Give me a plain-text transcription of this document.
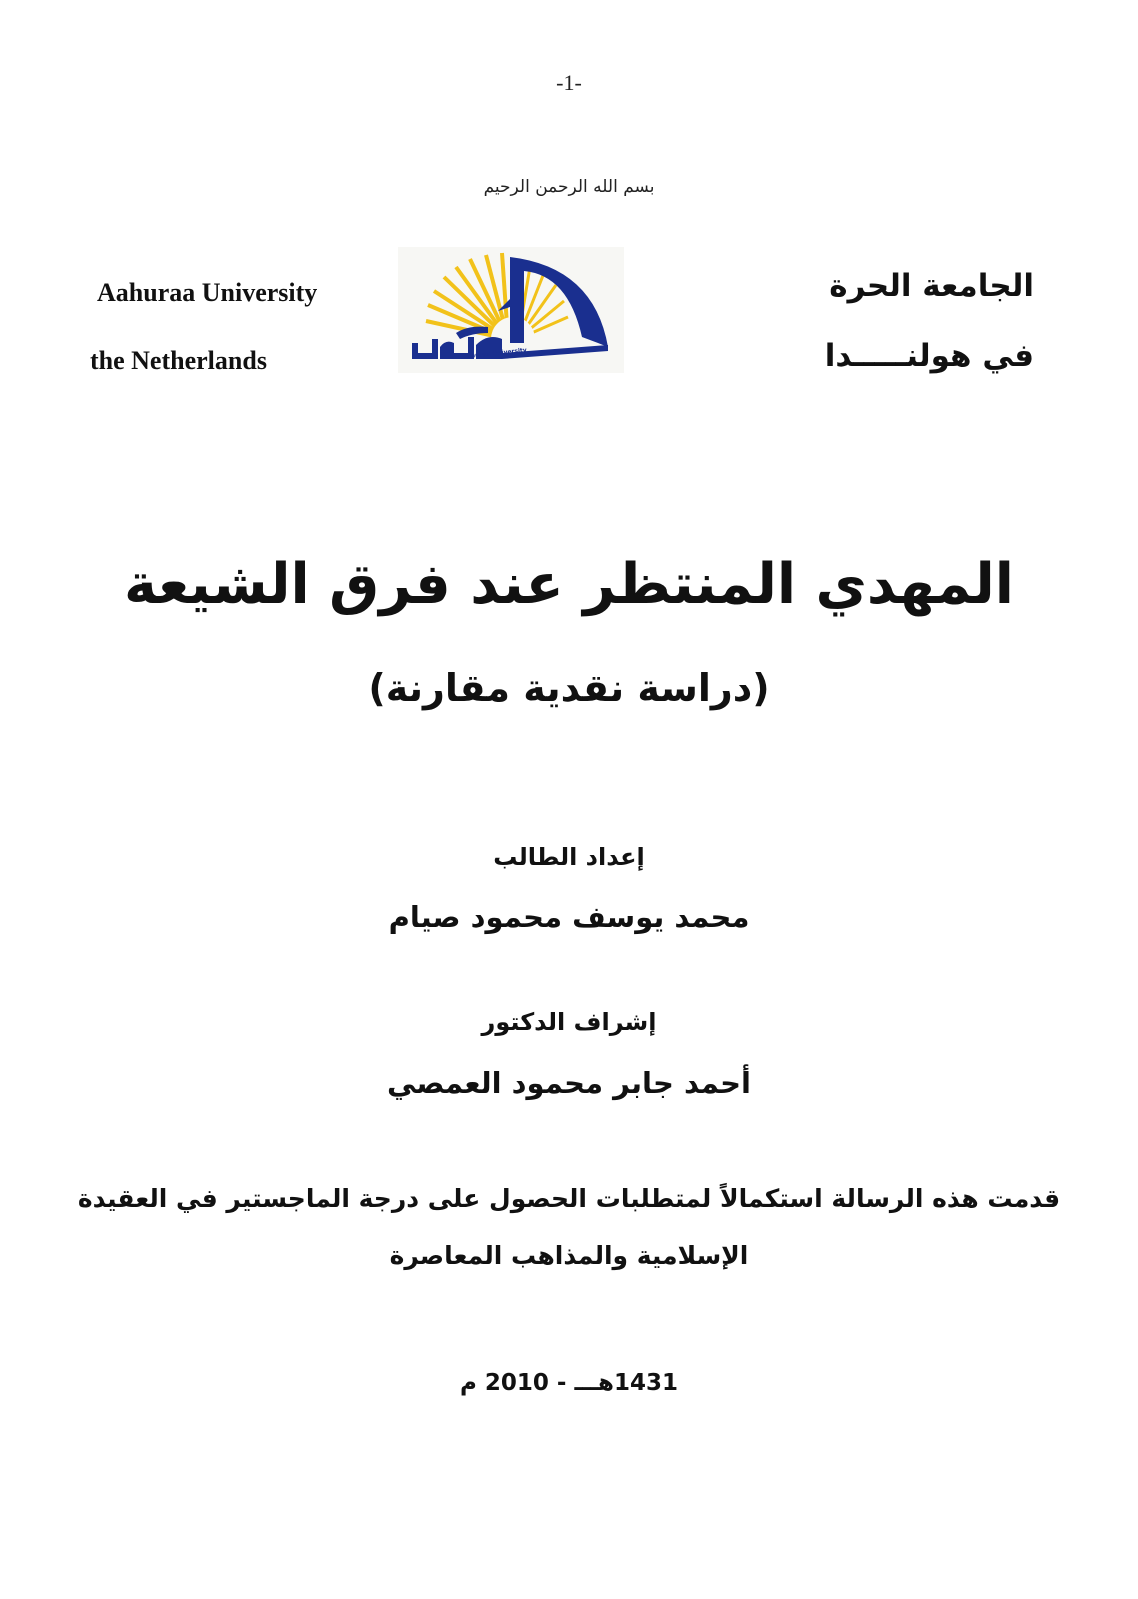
-1-
بسم الله الرحمن الرحيم
Aahuraa University
the Netherlands	Alhuraa University
الجامعة الحرة
في هولنـــــدا
المهدي المنتظر عند فرق الشيعة
(دراسة نقدية مقارنة)
إعداد الطالب
محمد يوسف محمود صيام
إشراف الدكتور
أحمد جابر محمود العمصي
قدمت هذه الرسالة استكمالاً لمتطلبات الحصول على درجة الماجستير في العقيدة
الإسلامية والمذاهب المعاصرة
1431هـــ - 2010 م
